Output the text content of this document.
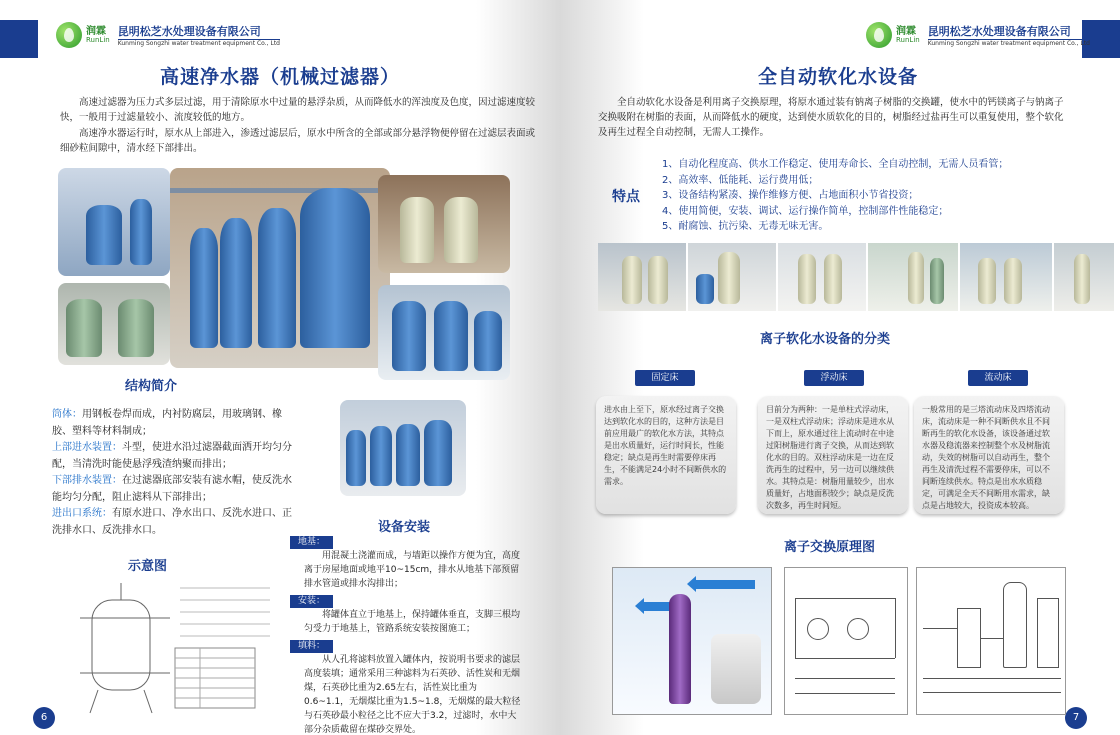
润霖
RunLin
昆明松芝水处理设备有限公司
Kunming Songzhi water treatment equipment Co., Ltd
高速净水器（机械过滤器）
高速过滤器为压力式多层过滤，用于清除原水中过量的悬浮杂质，从而降低水的浑浊度及色度，因过滤速度较快，一般用于过滤量较小、流度较低的地方。
高速净水器运行时，原水从上部进入，渗透过滤层后，原水中所含的全部或部分悬浮物便停留在过滤层表面或细砂粒间隙中，清水经下部排出。
结构简介
筒体：用钢板卷焊而成，内衬防腐层，用玻璃钢、橡胶、塑料等材料制成；
上部进水装置：斗型，使进水沿过滤器截面洒开均匀分配，当清洗时能使悬浮残渣纳聚而排出；
下部排水装置：在过滤器底部安装有滤水帽，使反洗水能均匀分配，阻止滤料从下部排出；
进出口系统：有原水进口、净水出口、反洗水进口、正洗排水口、反洗排水口。
示意图
设备安装
地基：
用混凝土浇灌而成，与墙距以操作方便为宜，高度离于房屋地面或地平10~15cm，排水从地基下部预留排水管道或排水沟排出；
安装：
将罐体直立于地基上，保持罐体垂直，支脚三根均匀受力于地基上，管路系统安装按图施工；
填料：
从人孔将滤料放置入罐体内，按说明书要求的滤层高度装填；通常采用三种滤料为石英砂、活性炭和无烟煤，石英砂比重为2.65左右，活性炭比重为0.6~1.1，无烟煤比重为1.5~1.8，无烟煤的最大粒径与石英砂最小粒径之比不应大于3.2，过滤时，水中大部分杂质截留在煤砂交界处。
6
润霖
RunLin
昆明松芝水处理设备有限公司
Kunming Songzhi water treatment equipment Co., Ltd
7
全自动软化水设备
全自动软化水设备是利用离子交换原理，将原水通过装有钠离子树脂的交换罐，使水中的钙镁离子与钠离子交换吸附在树脂的表面，从而降低水的硬度，达到使水质软化的目的，树脂经过盐再生可以重复使用，整个软化及再生过程全自动控制，无需人工操作。
特点
1、自动化程度高、供水工作稳定、使用寿命长、全自动控制，无需人员看管；
2、高效率、低能耗、运行费用低；
3、设备结构紧凑、操作维修方便、占地面积小节省投资；
4、使用简便，安装、调试、运行操作简单，控制部件性能稳定；
5、耐腐蚀、抗污染、无毒无味无害。
离子软化水设备的分类
固定床	浮动床	流动床
进水由上至下，原水经过离子交换达到软化水的目的，这种方法是目前应用最广的软化水方法，其特点是出水质量好，运行时间长，性能稳定；缺点是再生时需要停床再生，不能满足24小时不间断供水的需求。
目前分为两种：一是单柱式浮动床，一是双柱式浮动床；浮动床是进水从下而上，原水通过往上流动时在中途过阳树脂进行离子交换，从而达到软化水的目的。双柱浮动床是一边在反洗再生的过程中，另一边可以继续供水。其特点是：树脂用量较少，出水质量好，占地面积较少；缺点是反洗次数多，再生时间短。
一般常用的是三塔流动床及四塔流动床，流动床是一种不间断供水且不间断再生的软化水设备，该设备通过软水器及稳流器来控制整个水及树脂流动，失效的树脂可以自动再生，整个再生及清洗过程不需要停床，可以不间断连续供水。特点是出水水质稳定，可满足全天不间断用水需求，缺点是占地较大，投资成本较高。
离子交换原理图
